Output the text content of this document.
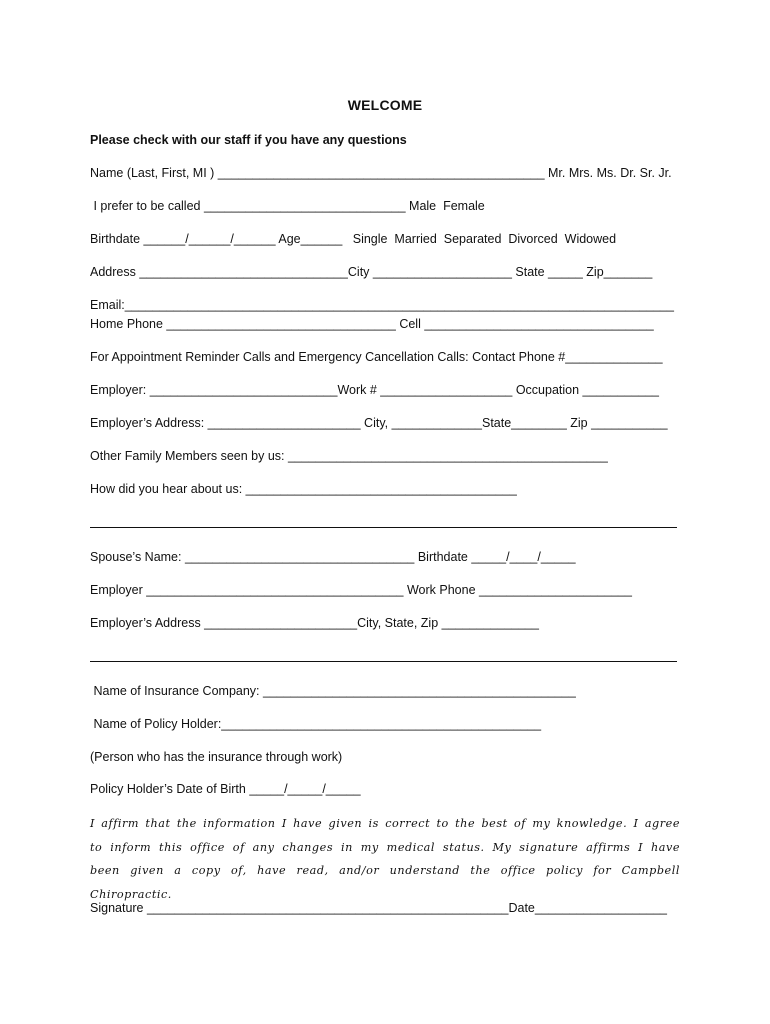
WELCOME
Please check with our staff if you have any questions
Name (Last, First, MI ) _______________________________________________ Mr. Mrs. Ms. Dr. Sr. Jr.
I prefer to be called _____________________________ Male  Female
Birthdate ______/______/______ Age______   Single  Married  Separated  Divorced  Widowed
Address ______________________________City ____________________ State _____ Zip_______
Email:_______________________________________________________________________________
Home Phone _________________________________ Cell _________________________________
For Appointment Reminder Calls and Emergency Cancellation Calls: Contact Phone #______________
Employer: ___________________________Work # ___________________ Occupation ___________
Employer’s Address: ______________________ City, _____________State________ Zip ___________
Other Family Members seen by us: ______________________________________________
How did you hear about us: _______________________________________
Spouse’s Name: _________________________________ Birthdate _____/____/_____
Employer _____________________________________ Work Phone ______________________
Employer’s Address ______________________City, State, Zip ______________
Name of Insurance Company: _____________________________________________
Name of Policy Holder:______________________________________________
(Person who has the insurance through work)
Policy Holder’s Date of Birth _____/_____/_____
I affirm that the information I have given is correct to the best of my knowledge. I agree to inform this office of any changes in my medical status. My signature affirms I have been given a copy of, have read, and/or understand the office policy for Campbell Chiropractic.
Signature ____________________________________________________Date___________________
